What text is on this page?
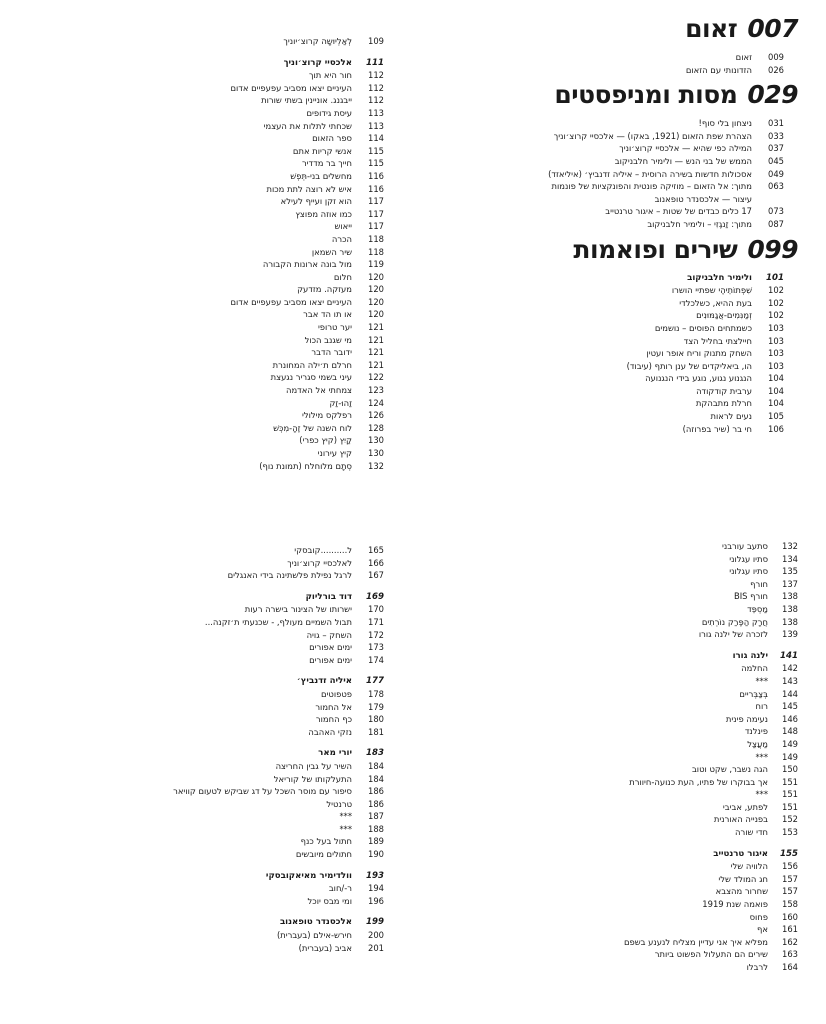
007
זאום
009
זאום
026
הזדונותי עם הזאום
029
מסות ומניפסטים
031
ניצחון בלי סוף!
033
הצהרת שפת הזאום (1921, באקו) — אלכסיי קרוצ׳וניך
037
המילה כפי שהיא — אלכסיי קרוצ׳וניך
045
הממש של בני הנש — ולימיר חלבניקוב
049
אסכולות חדשות בשירה הרוסית – איליה זדנביץ׳ (איליאזד)
063
מתוך: אל הזאום – מוזיקה פונטית והפונקציות של פונמות
עיצור — אלכסנדר טופאנוב
073
17 כלים כבדים של שטות – איגור טרנטייב
087
מתוך: זַנגֶזִי – ולימיר חלבניקוב
099
שירים ופואמות
101
ולימיר חלבניקוב
102
שִׁפְתוֹתֵיהֶי שפתיי הושרו
102
בעת ההיא, כשלכלדי
102
זְמַנִּמִים-אֲגַמּוּנִים
103
כשמתחים הפוסים – נושמים
103
חיילצתי בחליל הצד
103
השחק מתנוק וריח אופר ועטין
103
הו, ביאליקדים של ענן רותף (עיבוד)
104
הנגנוע נגוע, נוגע בידי הנגנועה
104
ערבית קודקודה
104
חרלת מתבהקת
105
נעים לראות
106
חי בר (שיר בפרוזה)
109
לְאַלְיוּשָה קרוצ׳יוניך
111
אלכסיי קרוצ׳וניך
112
חור היא תוך
112
העיניים יצאו מסביב עפעפיים אדום
112
ייבגנג. אוניינין בשתי שורות
113
עיסת גידופים
113
שכחתי לתלות את העצמי
114
ספר הזאום
115
אנשי קריות אתם
115
חייך בר מדדיר
116
מחשלים בני-תְּפְשׁ
116
איש לא רוצה לתת מכות
117
הוא זקן ועייף לעילא
117
כמו אוזה מפוצץ
117
ייאוש
118
הכרה
118
שיר השמאן
119
מול בונה ארונות הקבורה
120
חלום
120
מעזקה. מזדעק
120
העיניים יצאו מסביב עפעפיים אדום
120
או תו הד אבר
121
יער טרופי
121
מי שגנב הכול
121
ידובר הדבר
121
חרלם ת׳ילה המחונרת
122
עיני בשמי סגריר נגעצת
123
צמחתי אל האדמה
124
זַהוּ-זַק
126
רפלקס מילולי
128
לוח השנה של זֶהָ-מִכְּשׁ
130
קַיִץ (קיץ כפרי)
130
קיץ עירוני
132
סְתָם מלוחלח (תמונת נוף)
132
סתעב עורבני
134
סתיו עגלוני
135
סתיו עגלוני
137
חורף
138
חורף BIS
138
מַסְפֵּד
138
חֲרָק הַפֶּרַק נוֹרְתִים
139
לזכרה של ילנה גורו
141
ילנה גורו
142
החלמה
143
***
144
בְּצַבְּריים
145
רוח
146
נעימה פינית
148
פינלנד
149
מַעֲצַל
149
***
150
הגה נשבר, שקט וטוב
151
אך בבוקרו של פתיו, העת כנועה-חיוורת
151
***
151
לפתע, אביבי
152
בפנייה האורנית
153
חדי שורה
155
איגור טרנטייב
156
הלוויה שלי
157
חג המולד שלי
157
שחרור מהצבא
158
פואמה שנת 1919
160
פחוס
161
אף
162
מפליא איך אני עדיין מצליח לנענע בשפם
163
שירים הם התעלול הפשוט ביותר
164
לרבלו
165
ל..........קובסקי
166
לאלכסיי קרוצ׳וניך
167
לרגל נפילת פלשתינה בידי האנגלים
169
דוד בורליוק
170
ישרותו של הצינור בישרה רעות
171
תבול השמיים מעולף, - שכנעתי ת׳זקנה...
172
השחק – גויה
173
ימים אפורים
174
ימים אפורים
177
איליה זדנביץ׳
178
פטפוטים
179
אל החמור
180
כף החמור
181
נזקי האהבה
183
יורי מאר
184
השיר על גבין החריצה
184
התעלקותו של קוריאל
186
סיפור עם מוסר השכל על דג שביקש לטעום קוויאר
186
טרנטיל
187
***
188
***
189
חתול בעל כנף
190
חתולים מיובשים
193
וולדימיר מאיאקובסקי
194
ר-/חוב
196
ומי מבס יוכל
199
אלכסנדר טופאנוב
200
חירש-אילם (בעברית)
201
אביב (בעברית)
